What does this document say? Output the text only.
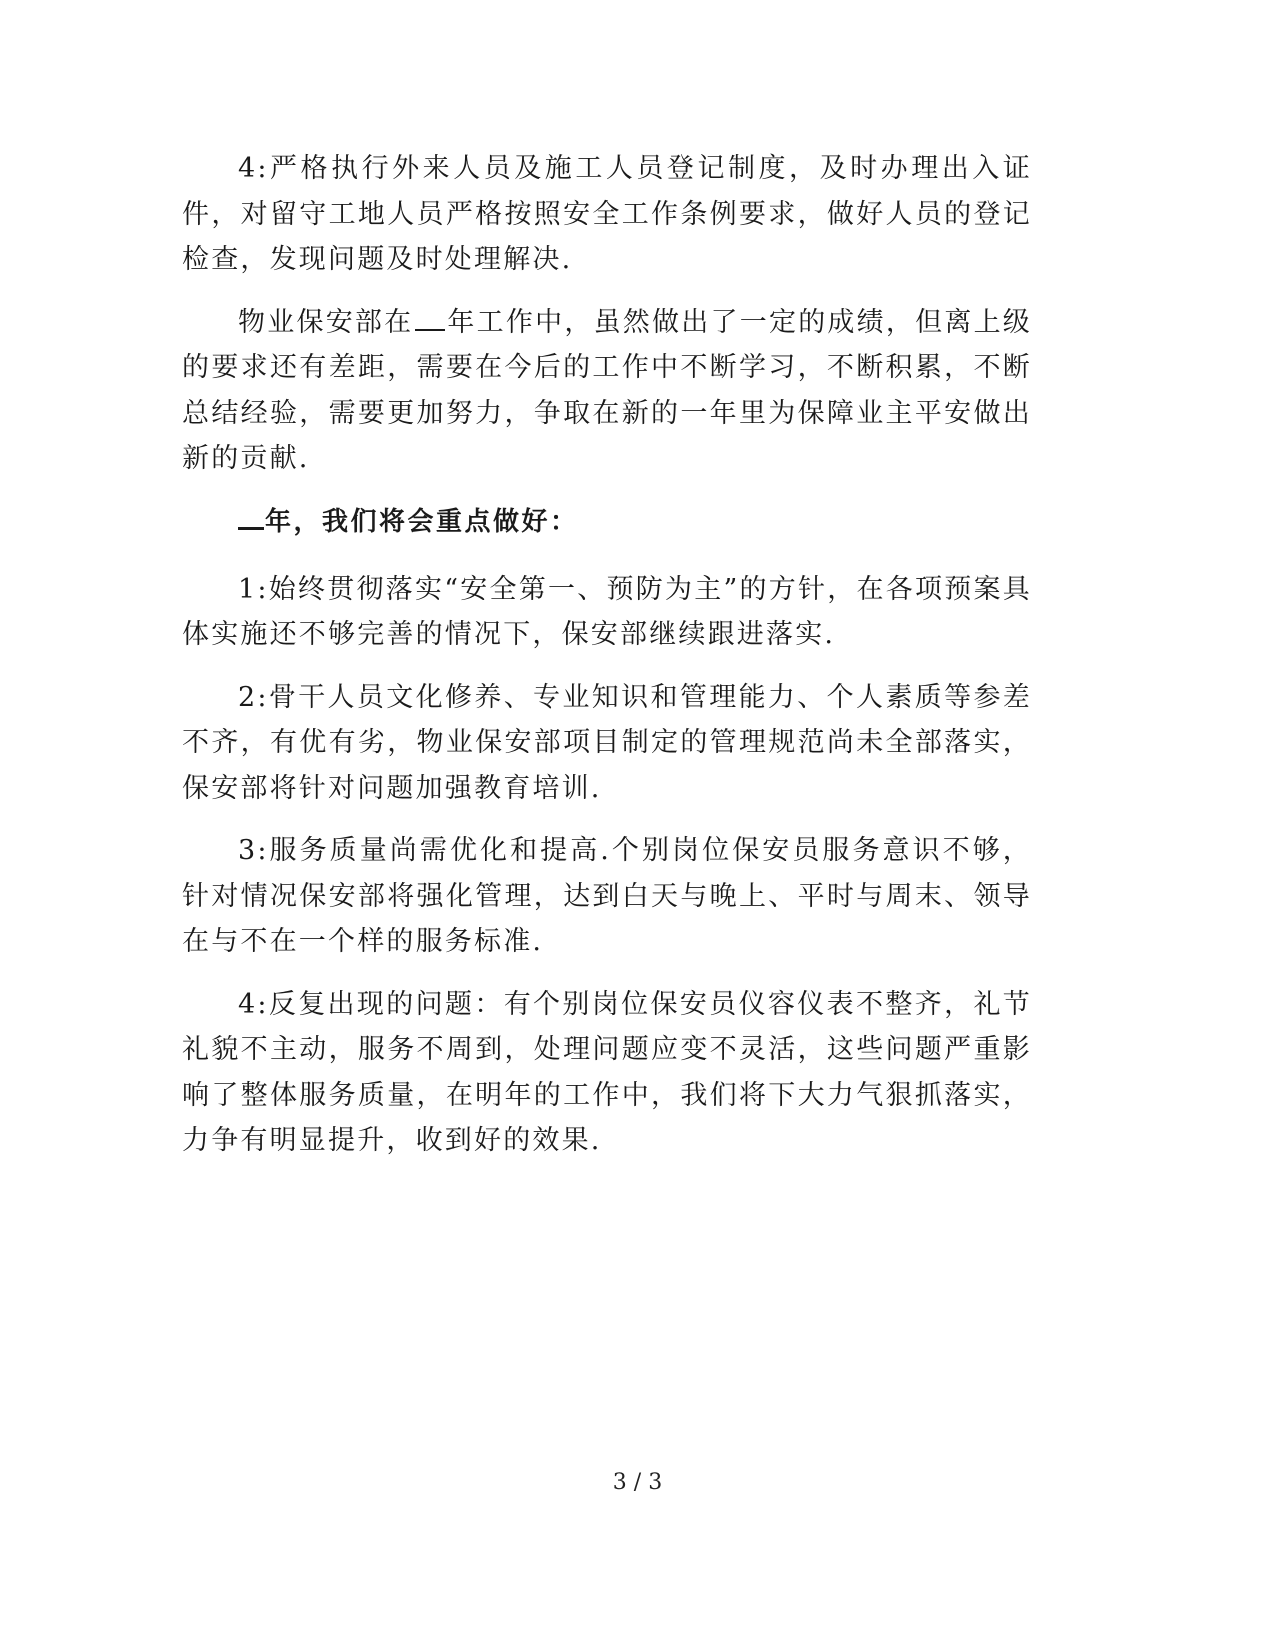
4:严格执行外来人员及施工人员登记制度，及时办理出入证件，对留守工地人员严格按照安全工作条例要求，做好人员的登记检查，发现问题及时处理解决.

物业保安部在 年工作中，虽然做出了一定的成绩，但离上级的要求还有差距，需要在今后的工作中不断学习，不断积累，不断总结经验，需要更加努力，争取在新的一年里为保障业主平安做出新的贡献.

年，我们将会重点做好：

1:始终贯彻落实“安全第一、预防为主”的方针，在各项预案具体实施还不够完善的情况下，保安部继续跟进落实.

2:骨干人员文化修养、专业知识和管理能力、个人素质等参差不齐，有优有劣，物业保安部项目制定的管理规范尚未全部落实，保安部将针对问题加强教育培训.

3:服务质量尚需优化和提高.个别岗位保安员服务意识不够，针对情况保安部将强化管理，达到白天与晚上、平时与周末、领导在与不在一个样的服务标准.

4:反复出现的问题：有个别岗位保安员仪容仪表不整齐，礼节礼貌不主动，服务不周到，处理问题应变不灵活，这些问题严重影响了整体服务质量，在明年的工作中，我们将下大力气狠抓落实，力争有明显提升，收到好的效果.

3 / 3
